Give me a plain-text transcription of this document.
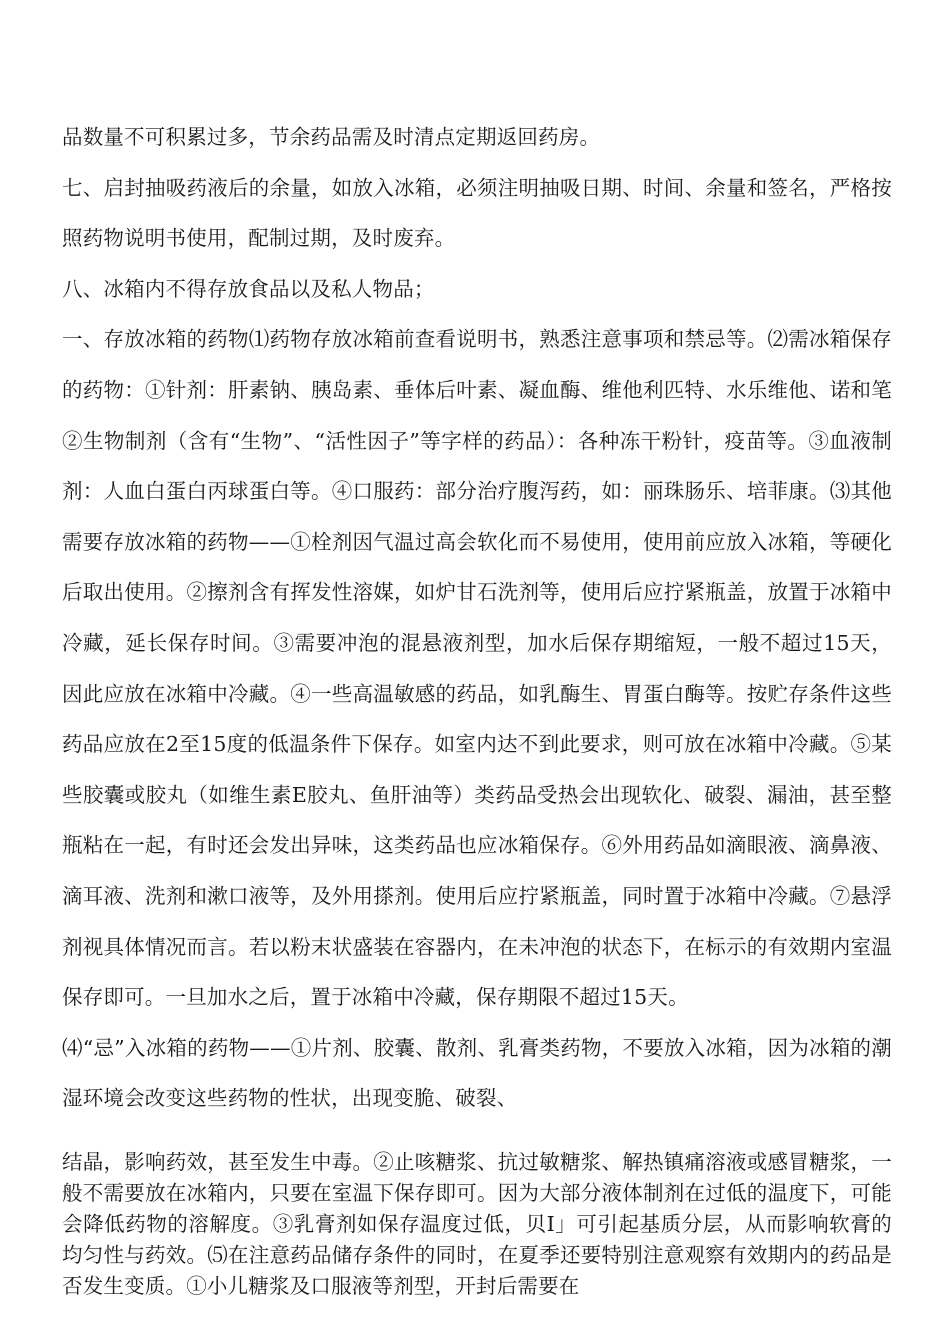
品数量不可积累过多，节余药品需及时清点定期返回药房。

七、启封抽吸药液后的余量，如放入冰箱，必须注明抽吸日期、时间、余量和签名，严格按照药物说明书使用，配制过期，及时废弃。

八、冰箱内不得存放食品以及私人物品；

一、存放冰箱的药物⑴药物存放冰箱前查看说明书，熟悉注意事项和禁忌等。⑵需冰箱保存的药物：①针剂：肝素钠、胰岛素、垂体后叶素、凝血酶、维他利匹特、水乐维他、诺和笔②生物制剂（含有“生物”、“活性因子”等字样的药品）：各种冻干粉针，疫苗等。③血液制剂：人血白蛋白丙球蛋白等。④口服药：部分治疗腹泻药，如：丽珠肠乐、培菲康。⑶其他需要存放冰箱的药物——①栓剂因气温过高会软化而不易使用，使用前应放入冰箱，等硬化后取出使用。②擦剂含有挥发性溶媒，如炉甘石洗剂等，使用后应拧紧瓶盖，放置于冰箱中冷藏，延长保存时间。③需要冲泡的混悬液剂型，加水后保存期缩短，一般不超过15天，因此应放在冰箱中冷藏。④一些高温敏感的药品，如乳酶生、胃蛋白酶等。按贮存条件这些药品应放在2至15度的低温条件下保存。如室内达不到此要求，则可放在冰箱中冷藏。⑤某些胶囊或胶丸（如维生素E胶丸、鱼肝油等）类药品受热会出现软化、破裂、漏油，甚至整瓶粘在一起，有时还会发出异味，这类药品也应冰箱保存。⑥外用药品如滴眼液、滴鼻液、滴耳液、洗剂和漱口液等，及外用搽剂。使用后应拧紧瓶盖，同时置于冰箱中冷藏。⑦悬浮剂视具体情况而言。若以粉末状盛装在容器内，在未冲泡的状态下，在标示的有效期内室温保存即可。一旦加水之后，置于冰箱中冷藏，保存期限不超过15天。

⑷“忌”入冰箱的药物——①片剂、胶囊、散剂、乳膏类药物，不要放入冰箱，因为冰箱的潮湿环境会改变这些药物的性状，出现变脆、破裂、

结晶，影响药效，甚至发生中毒。②止咳糖浆、抗过敏糖浆、解热镇痛溶液或感冒糖浆，一般不需要放在冰箱内，只要在室温下保存即可。因为大部分液体制剂在过低的温度下，可能会降低药物的溶解度。③乳膏剂如保存温度过低，贝I」可引起基质分层，从而影响软膏的均匀性与药效。⑸在注意药品储存条件的同时，在夏季还要特别注意观察有效期内的药品是否发生变质。①小儿糖浆及口服液等剂型，开封后需要在
